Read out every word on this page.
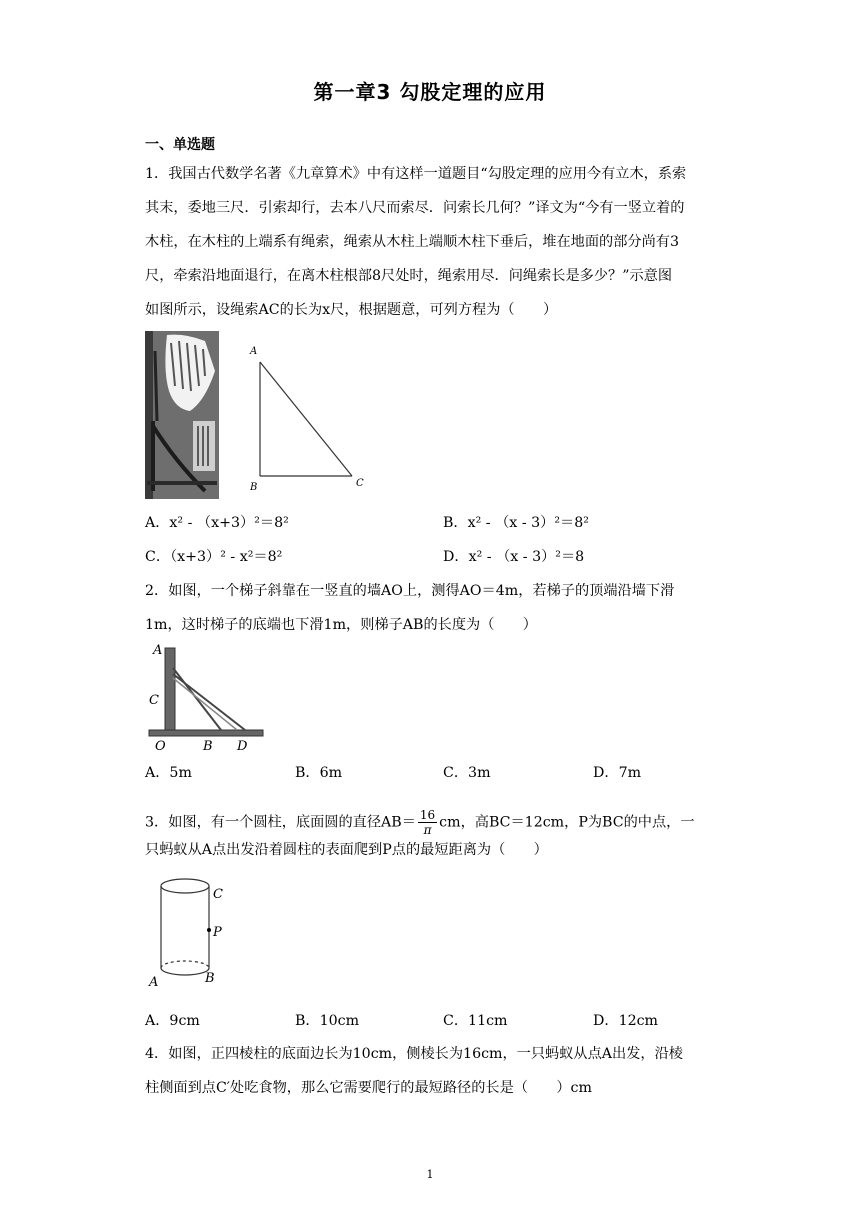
第一章3 勾股定理的应用
一、单选题
1．我国古代数学名著《九章算术》中有这样一道题目“勾股定理的应用今有立木，系索
其末，委地三尺．引索却行，去本八尺而索尽．问索长几何？”译文为“今有一竖立着的
木柱，在木柱的上端系有绳索，绳索从木柱上端顺木柱下垂后，堆在地面的部分尚有3
尺，牵索沿地面退行，在离木柱根部8尺处时，绳索用尽．问绳索长是多少？”示意图
如图所示，设绳索AC的长为x尺，根据题意，可列方程为（　　）
A
B	C
A．x² - （x+3）²＝8²	B．x² - （x - 3）²＝8²
C．（x+3）² - x²＝8²	D．x² - （x - 3）²＝8
2．如图，一个梯子斜靠在一竖直的墙AO上，测得AO＝4m，若梯子的顶端沿墙下滑
1m，这时梯子的底端也下滑1m，则梯子AB的长度为（　　）
A
C
O	B D
A．5m	B．6m	C．3m	D．7m
3．如图，有一个圆柱，底面圆的直径$AB= \frac{16}{\pi}$ cm，高BC＝12cm，P为BC的中点，一
只蚂蚁从A点出发沿着圆柱的表面爬到P点的最短距离为（　　）
C
P
A	B
A．9cm	B．10cm	C．11cm	D．12cm
4．如图，正四棱柱的底面边长为10cm，侧棱长为16cm，一只蚂蚁从点A出发，沿棱
柱侧面到点C′处吃食物，那么它需要爬行的最短路径的长是（　　）cm
1
